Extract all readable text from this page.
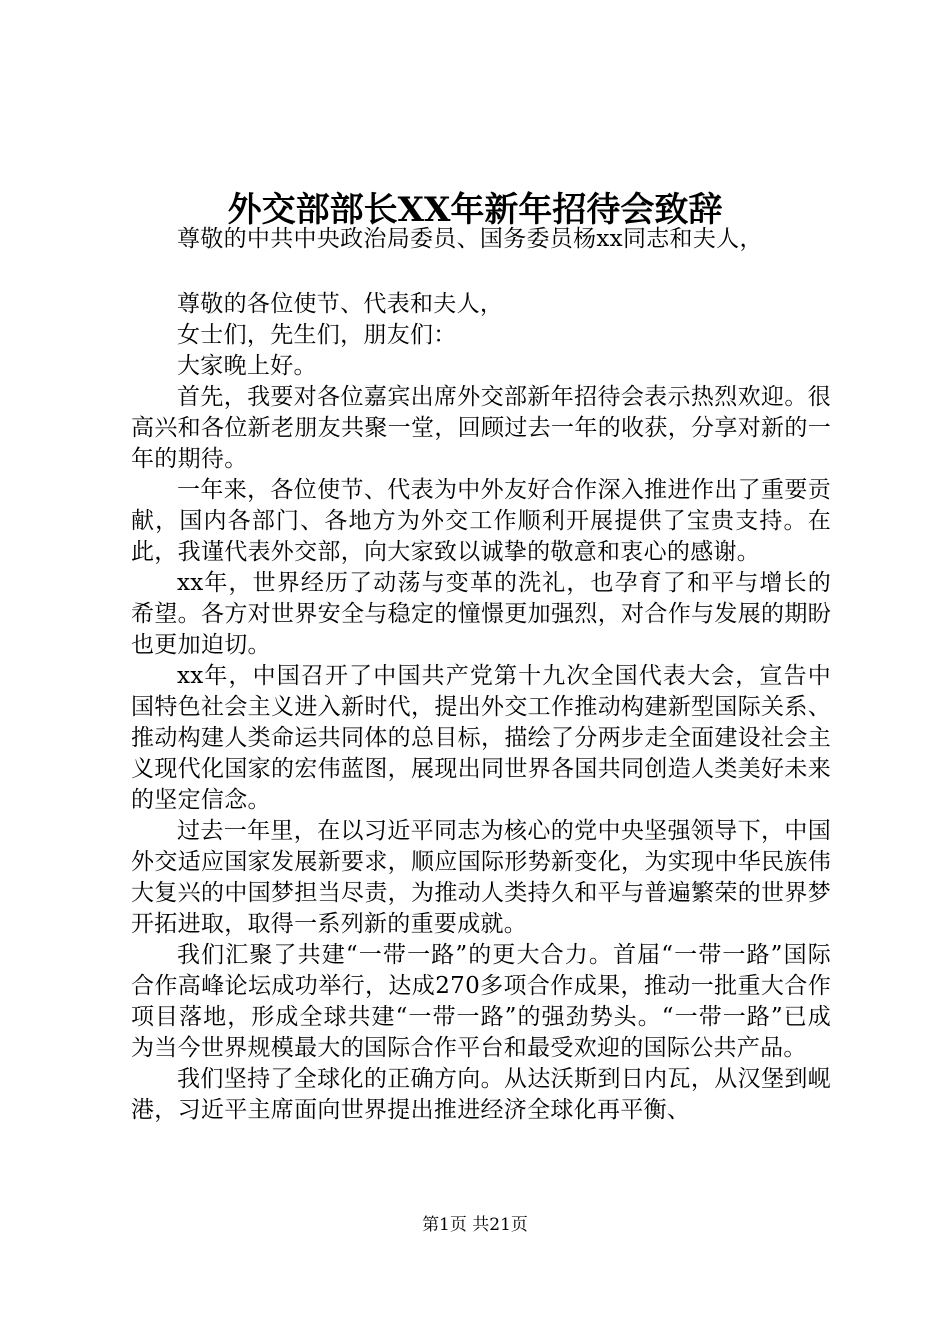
外交部部长XX年新年招待会致辞

尊敬的中共中央政治局委员、国务委员杨xx同志和夫人，

尊敬的各位使节、代表和夫人，

女士们，先生们，朋友们：

大家晚上好。

首先，我要对各位嘉宾出席外交部新年招待会表示热烈欢迎。很高兴和各位新老朋友共聚一堂，回顾过去一年的收获，分享对新的一年的期待。

一年来，各位使节、代表为中外友好合作深入推进作出了重要贡献，国内各部门、各地方为外交工作顺利开展提供了宝贵支持。在此，我谨代表外交部，向大家致以诚挚的敬意和衷心的感谢。

xx年，世界经历了动荡与变革的洗礼，也孕育了和平与增长的希望。各方对世界安全与稳定的憧憬更加强烈，对合作与发展的期盼也更加迫切。

xx年，中国召开了中国共产党第十九次全国代表大会，宣告中国特色社会主义进入新时代，提出外交工作推动构建新型国际关系、推动构建人类命运共同体的总目标，描绘了分两步走全面建设社会主义现代化国家的宏伟蓝图，展现出同世界各国共同创造人类美好未来的坚定信念。

过去一年里，在以习近平同志为核心的党中央坚强领导下，中国外交适应国家发展新要求，顺应国际形势新变化，为实现中华民族伟大复兴的中国梦担当尽责，为推动人类持久和平与普遍繁荣的世界梦开拓进取，取得一系列新的重要成就。

我们汇聚了共建“一带一路”的更大合力。首届“一带一路”国际合作高峰论坛成功举行，达成270多项合作成果，推动一批重大合作项目落地，形成全球共建“一带一路”的强劲势头。“一带一路”已成为当今世界规模最大的国际合作平台和最受欢迎的国际公共产品。

我们坚持了全球化的正确方向。从达沃斯到日内瓦，从汉堡到岘港，习近平主席面向世界提出推进经济全球化再平衡、

第1页 共21页
